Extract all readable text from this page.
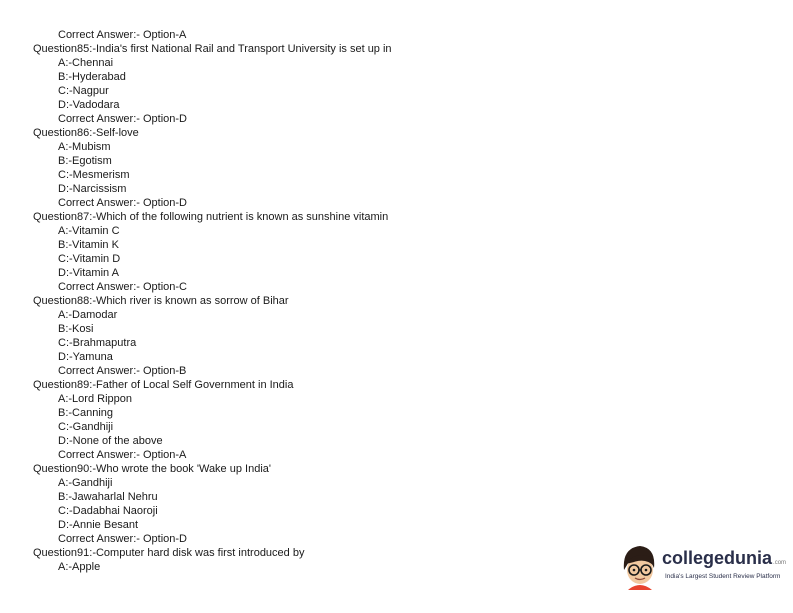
Correct Answer:- Option-A
Question85:-India's first National Rail and Transport University is set up in
A:-Chennai
B:-Hyderabad
C:-Nagpur
D:-Vadodara
Correct Answer:- Option-D
Question86:-Self-love
A:-Mubism
B:-Egotism
C:-Mesmerism
D:-Narcissism
Correct Answer:- Option-D
Question87:-Which of the following nutrient is known as sunshine vitamin
A:-Vitamin C
B:-Vitamin K
C:-Vitamin D
D:-Vitamin A
Correct Answer:- Option-C
Question88:-Which river is known as sorrow of Bihar
A:-Damodar
B:-Kosi
C:-Brahmaputra
D:-Yamuna
Correct Answer:- Option-B
Question89:-Father of Local Self Government in India
A:-Lord Rippon
B:-Canning
C:-Gandhiji
D:-None of the above
Correct Answer:- Option-A
Question90:-Who wrote the book 'Wake up India'
A:-Gandhiji
B:-Jawaharlal Nehru
C:-Dadabhai Naoroji
D:-Annie Besant
Correct Answer:- Option-D
Question91:-Computer hard disk was first introduced by
A:-Apple	collegedunia.com
India's Largest Student Review Platform
